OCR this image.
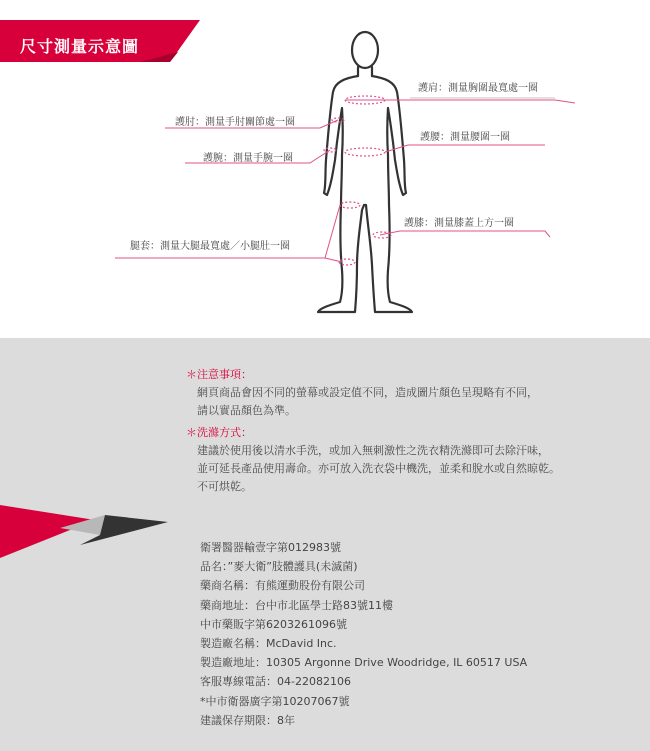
尺寸測量示意圖
護肩：測量胸圍最寬處一圈
護肘：測量手肘關節處一圈
護腰：測量腰圍一圈
護腕：測量手腕一圈
護膝：測量膝蓋上方一圈
腿套：測量大腿最寬處／小腿肚一圈
＊注意事項：
網頁商品會因不同的螢幕或設定值不同，造成圖片顏色呈現略有不同，
請以實品顏色為準。
＊洗滌方式：
建議於使用後以清水手洗，或加入無刺激性之洗衣精洗滌即可去除汗味，
並可延長產品使用壽命。亦可放入洗衣袋中機洗，並柔和脫水或自然晾乾。
不可烘乾。
衛署醫器輸壹字第012983號
品名：”麥大衛”肢體護具(未滅菌)
藥商名稱：有熊運動股份有限公司
藥商地址：台中市北區學士路83號11樓
中市藥販字第6203261096號
製造廠名稱：McDavid Inc.
製造廠地址：10305 Argonne Drive Woodridge, IL 60517 USA
客服專線電話：04-22082106
*中市衛器廣字第10207067號
建議保存期限：8年
